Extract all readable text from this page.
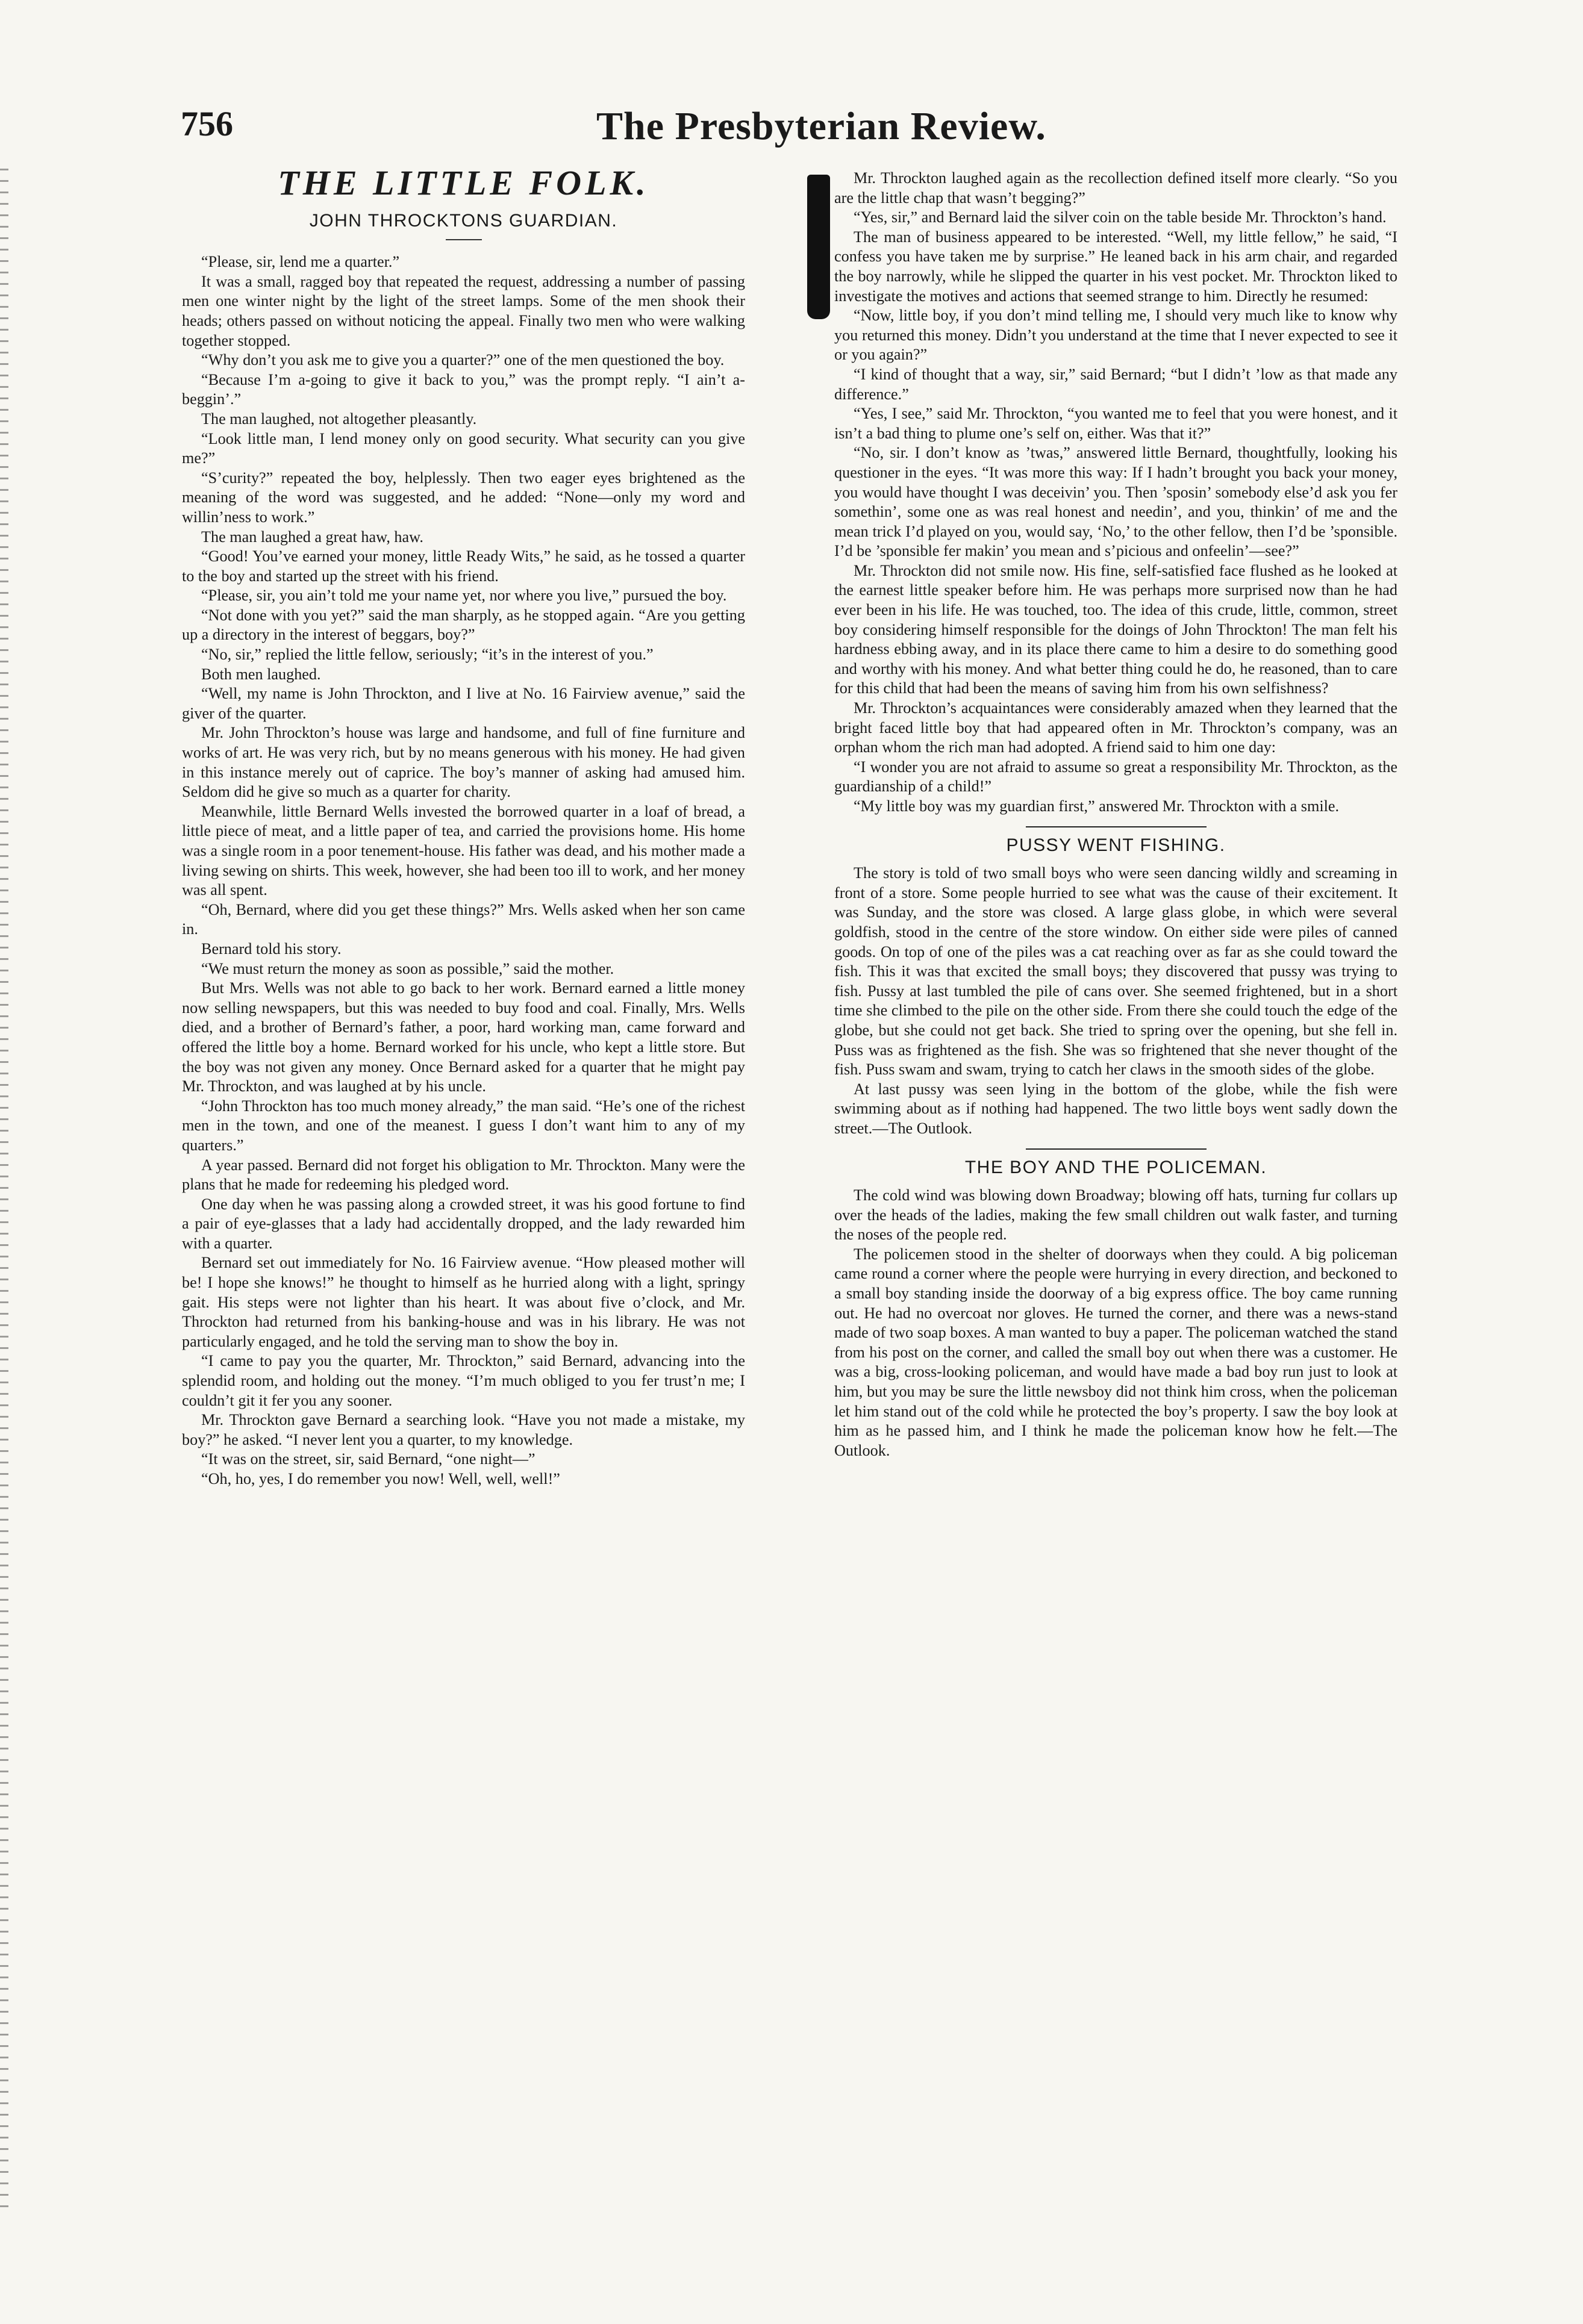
756	The Presbyterian Review.
THE LITTLE FOLK.
JOHN THROCKTONS GUARDIAN.

“Please, sir, lend me a quarter.”

It was a small, ragged boy that repeated the request, addressing a number of passing men one winter night by the light of the street lamps. Some of the men shook their heads; others passed on without noticing the appeal. Finally two men who were walking together stopped.

“Why don’t you ask me to give you a quarter?” one of the men questioned the boy.

“Because I’m a-going to give it back to you,” was the prompt reply. “I ain’t a-beggin’.”

The man laughed, not altogether pleasantly.

“Look little man, I lend money only on good security. What security can you give me?”

“S’curity?” repeated the boy, helplessly. Then two eager eyes brightened as the meaning of the word was suggested, and he added: “None—only my word and willin’ness to work.”

The man laughed a great haw, haw.

“Good! You’ve earned your money, little Ready Wits,” he said, as he tossed a quarter to the boy and started up the street with his friend.

“Please, sir, you ain’t told me your name yet, nor where you live,” pursued the boy.

“Not done with you yet?” said the man sharply, as he stopped again. “Are you getting up a directory in the interest of beggars, boy?”

“No, sir,” replied the little fellow, seriously; “it’s in the interest of you.”

Both men laughed.

“Well, my name is John Throckton, and I live at No. 16 Fairview avenue,” said the giver of the quarter.

Mr. John Throckton’s house was large and handsome, and full of fine furniture and works of art. He was very rich, but by no means generous with his money. He had given in this instance merely out of caprice. The boy’s manner of asking had amused him. Seldom did he give so much as a quarter for charity.

Meanwhile, little Bernard Wells invested the borrowed quarter in a loaf of bread, a little piece of meat, and a little paper of tea, and carried the provisions home. His home was a single room in a poor tenement-house. His father was dead, and his mother made a living sewing on shirts. This week, however, she had been too ill to work, and her money was all spent.

“Oh, Bernard, where did you get these things?” Mrs. Wells asked when her son came in.

Bernard told his story.

“We must return the money as soon as possible,” said the mother.

But Mrs. Wells was not able to go back to her work. Bernard earned a little money now selling newspapers, but this was needed to buy food and coal. Finally, Mrs. Wells died, and a brother of Bernard’s father, a poor, hard working man, came forward and offered the little boy a home. Bernard worked for his uncle, who kept a little store. But the boy was not given any money. Once Bernard asked for a quarter that he might pay Mr. Throckton, and was laughed at by his uncle.

“John Throckton has too much money already,” the man said. “He’s one of the richest men in the town, and one of the meanest. I guess I don’t want him to any of my quarters.”

A year passed. Bernard did not forget his obligation to Mr. Throckton. Many were the plans that he made for redeeming his pledged word.

One day when he was passing along a crowded street, it was his good fortune to find a pair of eye-glasses that a lady had accidentally dropped, and the lady rewarded him with a quarter.

Bernard set out immediately for No. 16 Fairview avenue. “How pleased mother will be! I hope she knows!” he thought to himself as he hurried along with a light, springy gait. His steps were not lighter than his heart. It was about five o’clock, and Mr. Throckton had returned from his banking-house and was in his library. He was not particularly engaged, and he told the serving man to show the boy in.

“I came to pay you the quarter, Mr. Throckton,” said Bernard, advancing into the splendid room, and holding out the money. “I’m much obliged to you fer trust’n me; I couldn’t git it fer you any sooner.

Mr. Throckton gave Bernard a searching look. “Have you not made a mistake, my boy?” he asked. “I never lent you a quarter, to my knowledge.

“It was on the street, sir, said Bernard, “one night—”

“Oh, ho, yes, I do remember you now! Well, well, well!”

Mr. Throckton laughed again as the recollection defined itself more clearly. “So you are the little chap that wasn’t begging?”

“Yes, sir,” and Bernard laid the silver coin on the table beside Mr. Throckton’s hand.

The man of business appeared to be interested. “Well, my little fellow,” he said, “I confess you have taken me by surprise.” He leaned back in his arm chair, and regarded the boy narrowly, while he slipped the quarter in his vest pocket. Mr. Throckton liked to investigate the motives and actions that seemed strange to him. Directly he resumed:

“Now, little boy, if you don’t mind telling me, I should very much like to know why you returned this money. Didn’t you understand at the time that I never expected to see it or you again?”

“I kind of thought that a way, sir,” said Bernard; “but I didn’t ’low as that made any difference.”

“Yes, I see,” said Mr. Throckton, “you wanted me to feel that you were honest, and it isn’t a bad thing to plume one’s self on, either. Was that it?”

“No, sir. I don’t know as ’twas,” answered little Bernard, thoughtfully, looking his questioner in the eyes. “It was more this way: If I hadn’t brought you back your money, you would have thought I was deceivin’ you. Then ’sposin’ somebody else’d ask you fer somethin’, some one as was real honest and needin’, and you, thinkin’ of me and the mean trick I’d played on you, would say, ‘No,’ to the other fellow, then I’d be ’sponsible. I’d be ’sponsible fer makin’ you mean and s’picious and onfeelin’—see?”

Mr. Throckton did not smile now. His fine, self-satisfied face flushed as he looked at the earnest little speaker before him. He was perhaps more surprised now than he had ever been in his life. He was touched, too. The idea of this crude, little, common, street boy considering himself responsible for the doings of John Throckton! The man felt his hardness ebbing away, and in its place there came to him a desire to do something good and worthy with his money. And what better thing could he do, he reasoned, than to care for this child that had been the means of saving him from his own selfishness?

Mr. Throckton’s acquaintances were considerably amazed when they learned that the bright faced little boy that had appeared often in Mr. Throckton’s company, was an orphan whom the rich man had adopted. A friend said to him one day:

“I wonder you are not afraid to assume so great a responsibility Mr. Throckton, as the guardianship of a child!”

“My little boy was my guardian first,” answered Mr. Throckton with a smile.

PUSSY WENT FISHING.

The story is told of two small boys who were seen dancing wildly and screaming in front of a store. Some people hurried to see what was the cause of their excitement. It was Sunday, and the store was closed. A large glass globe, in which were several goldfish, stood in the centre of the store window. On either side were piles of canned goods. On top of one of the piles was a cat reaching over as far as she could toward the fish. This it was that excited the small boys; they discovered that pussy was trying to fish. Pussy at last tumbled the pile of cans over. She seemed frightened, but in a short time she climbed to the pile on the other side. From there she could touch the edge of the globe, but she could not get back. She tried to spring over the opening, but she fell in. Puss was as frightened as the fish. She was so frightened that she never thought of the fish. Puss swam and swam, trying to catch her claws in the smooth sides of the globe.

At last pussy was seen lying in the bottom of the globe, while the fish were swimming about as if nothing had happened. The two little boys went sadly down the street.—The Outlook.

THE BOY AND THE POLICEMAN.

The cold wind was blowing down Broadway; blowing off hats, turning fur collars up over the heads of the ladies, making the few small children out walk faster, and turning the noses of the people red.

The policemen stood in the shelter of doorways when they could. A big policeman came round a corner where the people were hurrying in every direction, and beckoned to a small boy standing inside the doorway of a big express office. The boy came running out. He had no overcoat nor gloves. He turned the corner, and there was a news-stand made of two soap boxes. A man wanted to buy a paper. The policeman watched the stand from his post on the corner, and called the small boy out when there was a customer. He was a big, cross-looking policeman, and would have made a bad boy run just to look at him, but you may be sure the little newsboy did not think him cross, when the policeman let him stand out of the cold while he protected the boy’s property. I saw the boy look at him as he passed him, and I think he made the policeman know how he felt.—The Outlook.
